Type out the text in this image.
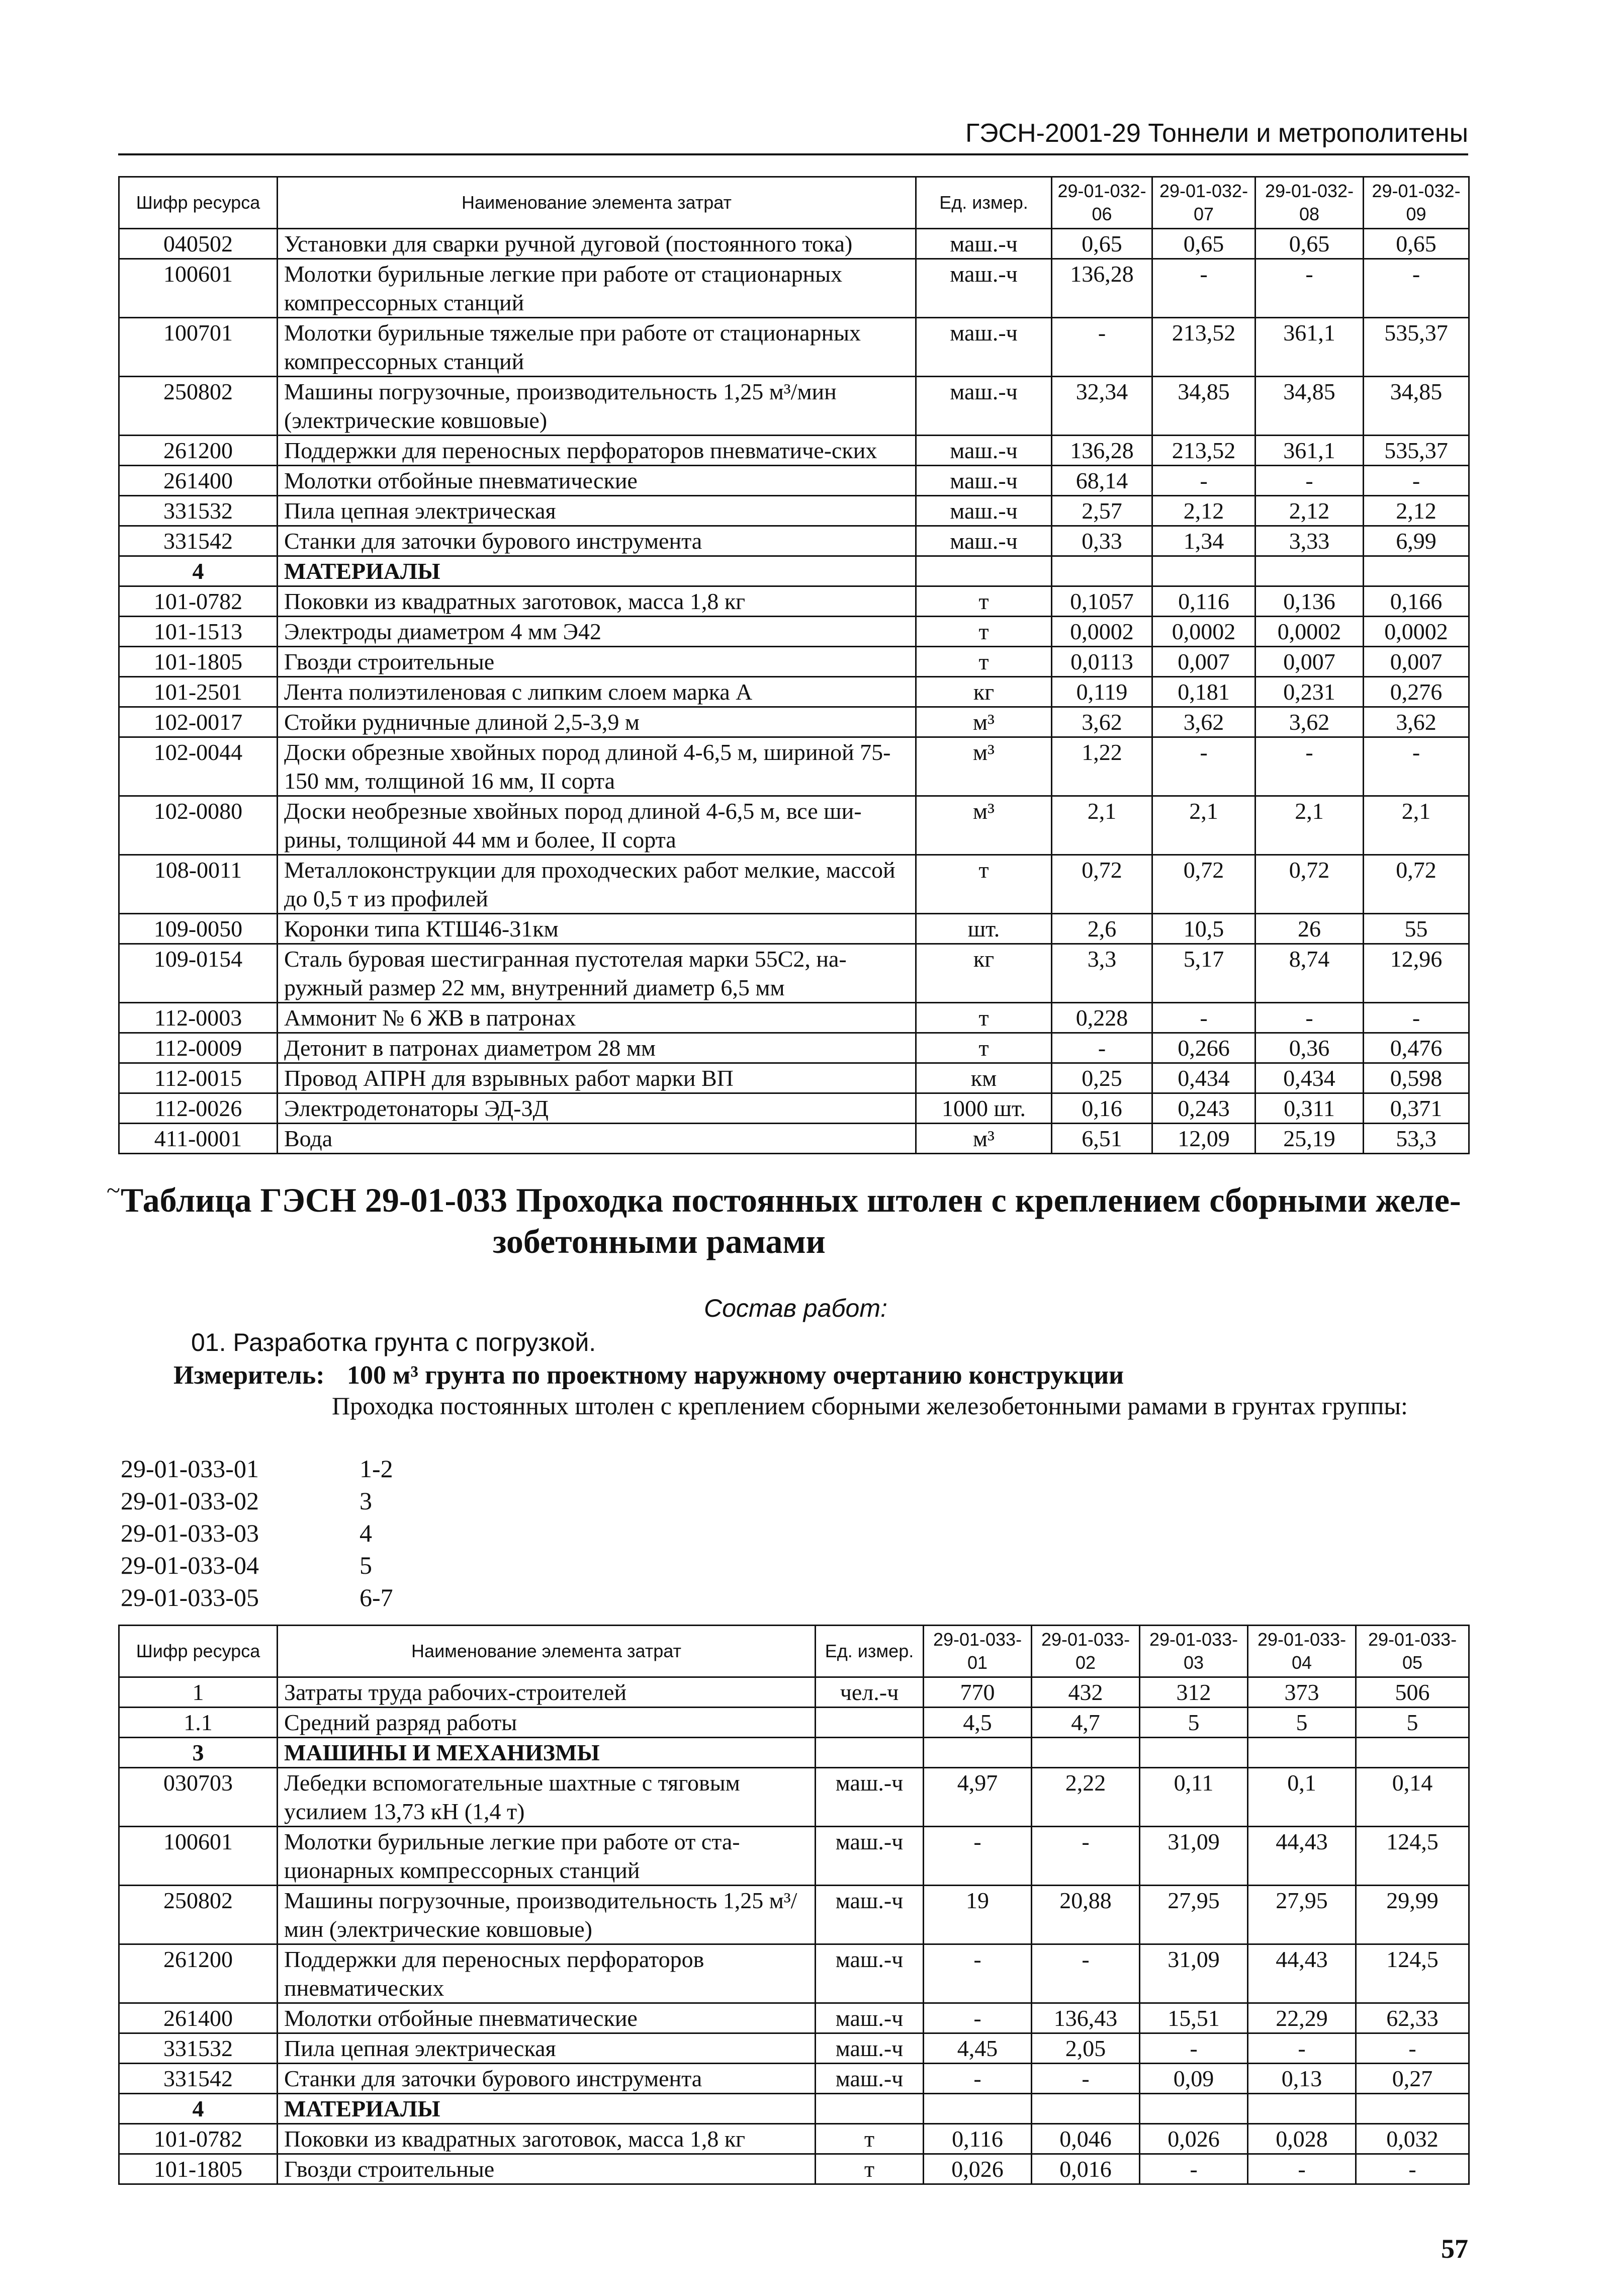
ГЭСН-2001-29 Тоннели и метрополитены
Шифр ресурса	Наименование элемента затрат	Ед. измер.	29-01-032-06	29-01-032-07	29-01-032-08	29-01-032-09
040502	Установки для сварки ручной дуговой (постоянного тока)	маш.-ч	0,65	0,65	0,65	0,65
100601	Молотки бурильные легкие при работе от стационарных компрессорных станций	маш.-ч	136,28	-	-	-
100701	Молотки бурильные тяжелые при работе от стационарных компрессорных станций	маш.-ч	-	213,52	361,1	535,37
250802	Машины погрузочные, производительность 1,25 м³/мин (электрические ковшовые)	маш.-ч	32,34	34,85	34,85	34,85
261200	Поддержки для переносных перфораторов пневматиче-ских	маш.-ч	136,28	213,52	361,1	535,37
261400	Молотки отбойные пневматические	маш.-ч	68,14	-	-	-
331532	Пила цепная электрическая	маш.-ч	2,57	2,12	2,12	2,12
331542	Станки для заточки бурового инструмента	маш.-ч	0,33	1,34	3,33	6,99
4	МАТЕРИАЛЫ					
101-0782	Поковки из квадратных заготовок, масса 1,8 кг	т	0,1057	0,116	0,136	0,166
101-1513	Электроды диаметром 4 мм Э42	т	0,0002	0,0002	0,0002	0,0002
101-1805	Гвозди строительные	т	0,0113	0,007	0,007	0,007
101-2501	Лента полиэтиленовая с липким слоем марка А	кг	0,119	0,181	0,231	0,276
102-0017	Стойки рудничные длиной 2,5-3,9 м	м³	3,62	3,62	3,62	3,62
102-0044	Доски обрезные хвойных пород длиной 4-6,5 м, шириной 75-150 мм, толщиной 16 мм, II сорта	м³	1,22	-	-	-
102-0080	Доски необрезные хвойных пород длиной 4-6,5 м, все ши-рины, толщиной 44 мм и более, II сорта	м³	2,1	2,1	2,1	2,1
108-0011	Металлоконструкции для проходческих работ мелкие, массой до 0,5 т из профилей	т	0,72	0,72	0,72	0,72
109-0050	Коронки типа КТШ46-31км	шт.	2,6	10,5	26	55
109-0154	Сталь буровая шестигранная пустотелая марки 55С2, на-ружный размер 22 мм, внутренний диаметр 6,5 мм	кг	3,3	5,17	8,74	12,96
112-0003	Аммонит № 6 ЖВ в патронах	т	0,228	-	-	-
112-0009	Детонит в патронах диаметром 28 мм	т	-	0,266	0,36	0,476
112-0015	Провод АПРН для взрывных работ марки ВП	км	0,25	0,434	0,434	0,598
112-0026	Электродетонаторы ЭД-3Д	1000 шт.	0,16	0,243	0,311	0,371
411-0001	Вода	м³	6,51	12,09	25,19	53,3
~ Таблица ГЭСН 29-01-033 Проходка постоянных штолен с креплением сборными желе-
зобетонными рамами
Состав работ:
01. Разработка грунта с погрузкой.
Измеритель: 100 м³ грунта по проектному наружному очертанию конструкции
Проходка постоянных штолен с креплением сборными железобетонными рамами в грунтах группы:
29-01-033-01	1-2
29-01-033-02	3
29-01-033-03	4
29-01-033-04	5
29-01-033-05	6-7
Шифр ресурса	Наименование элемента затрат	Ед. измер.	29-01-033-01	29-01-033-02	29-01-033-03	29-01-033-04	29-01-033-05
1	Затраты труда рабочих-строителей	чел.-ч	770	432	312	373	506
1.1	Средний разряд работы		4,5	4,7	5	5	5
3	МАШИНЫ И МЕХАНИЗМЫ						
030703	Лебедки вспомогательные шахтные с тяговым усилием 13,73 кН (1,4 т)	маш.-ч	4,97	2,22	0,11	0,1	0,14
100601	Молотки бурильные легкие при работе от ста-ционарных компрессорных станций	маш.-ч	-	-	31,09	44,43	124,5
250802	Машины погрузочные, производительность 1,25 м³/мин (электрические ковшовые)	маш.-ч	19	20,88	27,95	27,95	29,99
261200	Поддержки для переносных перфораторов пневматических	маш.-ч	-	-	31,09	44,43	124,5
261400	Молотки отбойные пневматические	маш.-ч	-	136,43	15,51	22,29	62,33
331532	Пила цепная электрическая	маш.-ч	4,45	2,05	-	-	-
331542	Станки для заточки бурового инструмента	маш.-ч	-	-	0,09	0,13	0,27
4	МАТЕРИАЛЫ						
101-0782	Поковки из квадратных заготовок, масса 1,8 кг	т	0,116	0,046	0,026	0,028	0,032
101-1805	Гвозди строительные	т	0,026	0,016	-	-	-
57
